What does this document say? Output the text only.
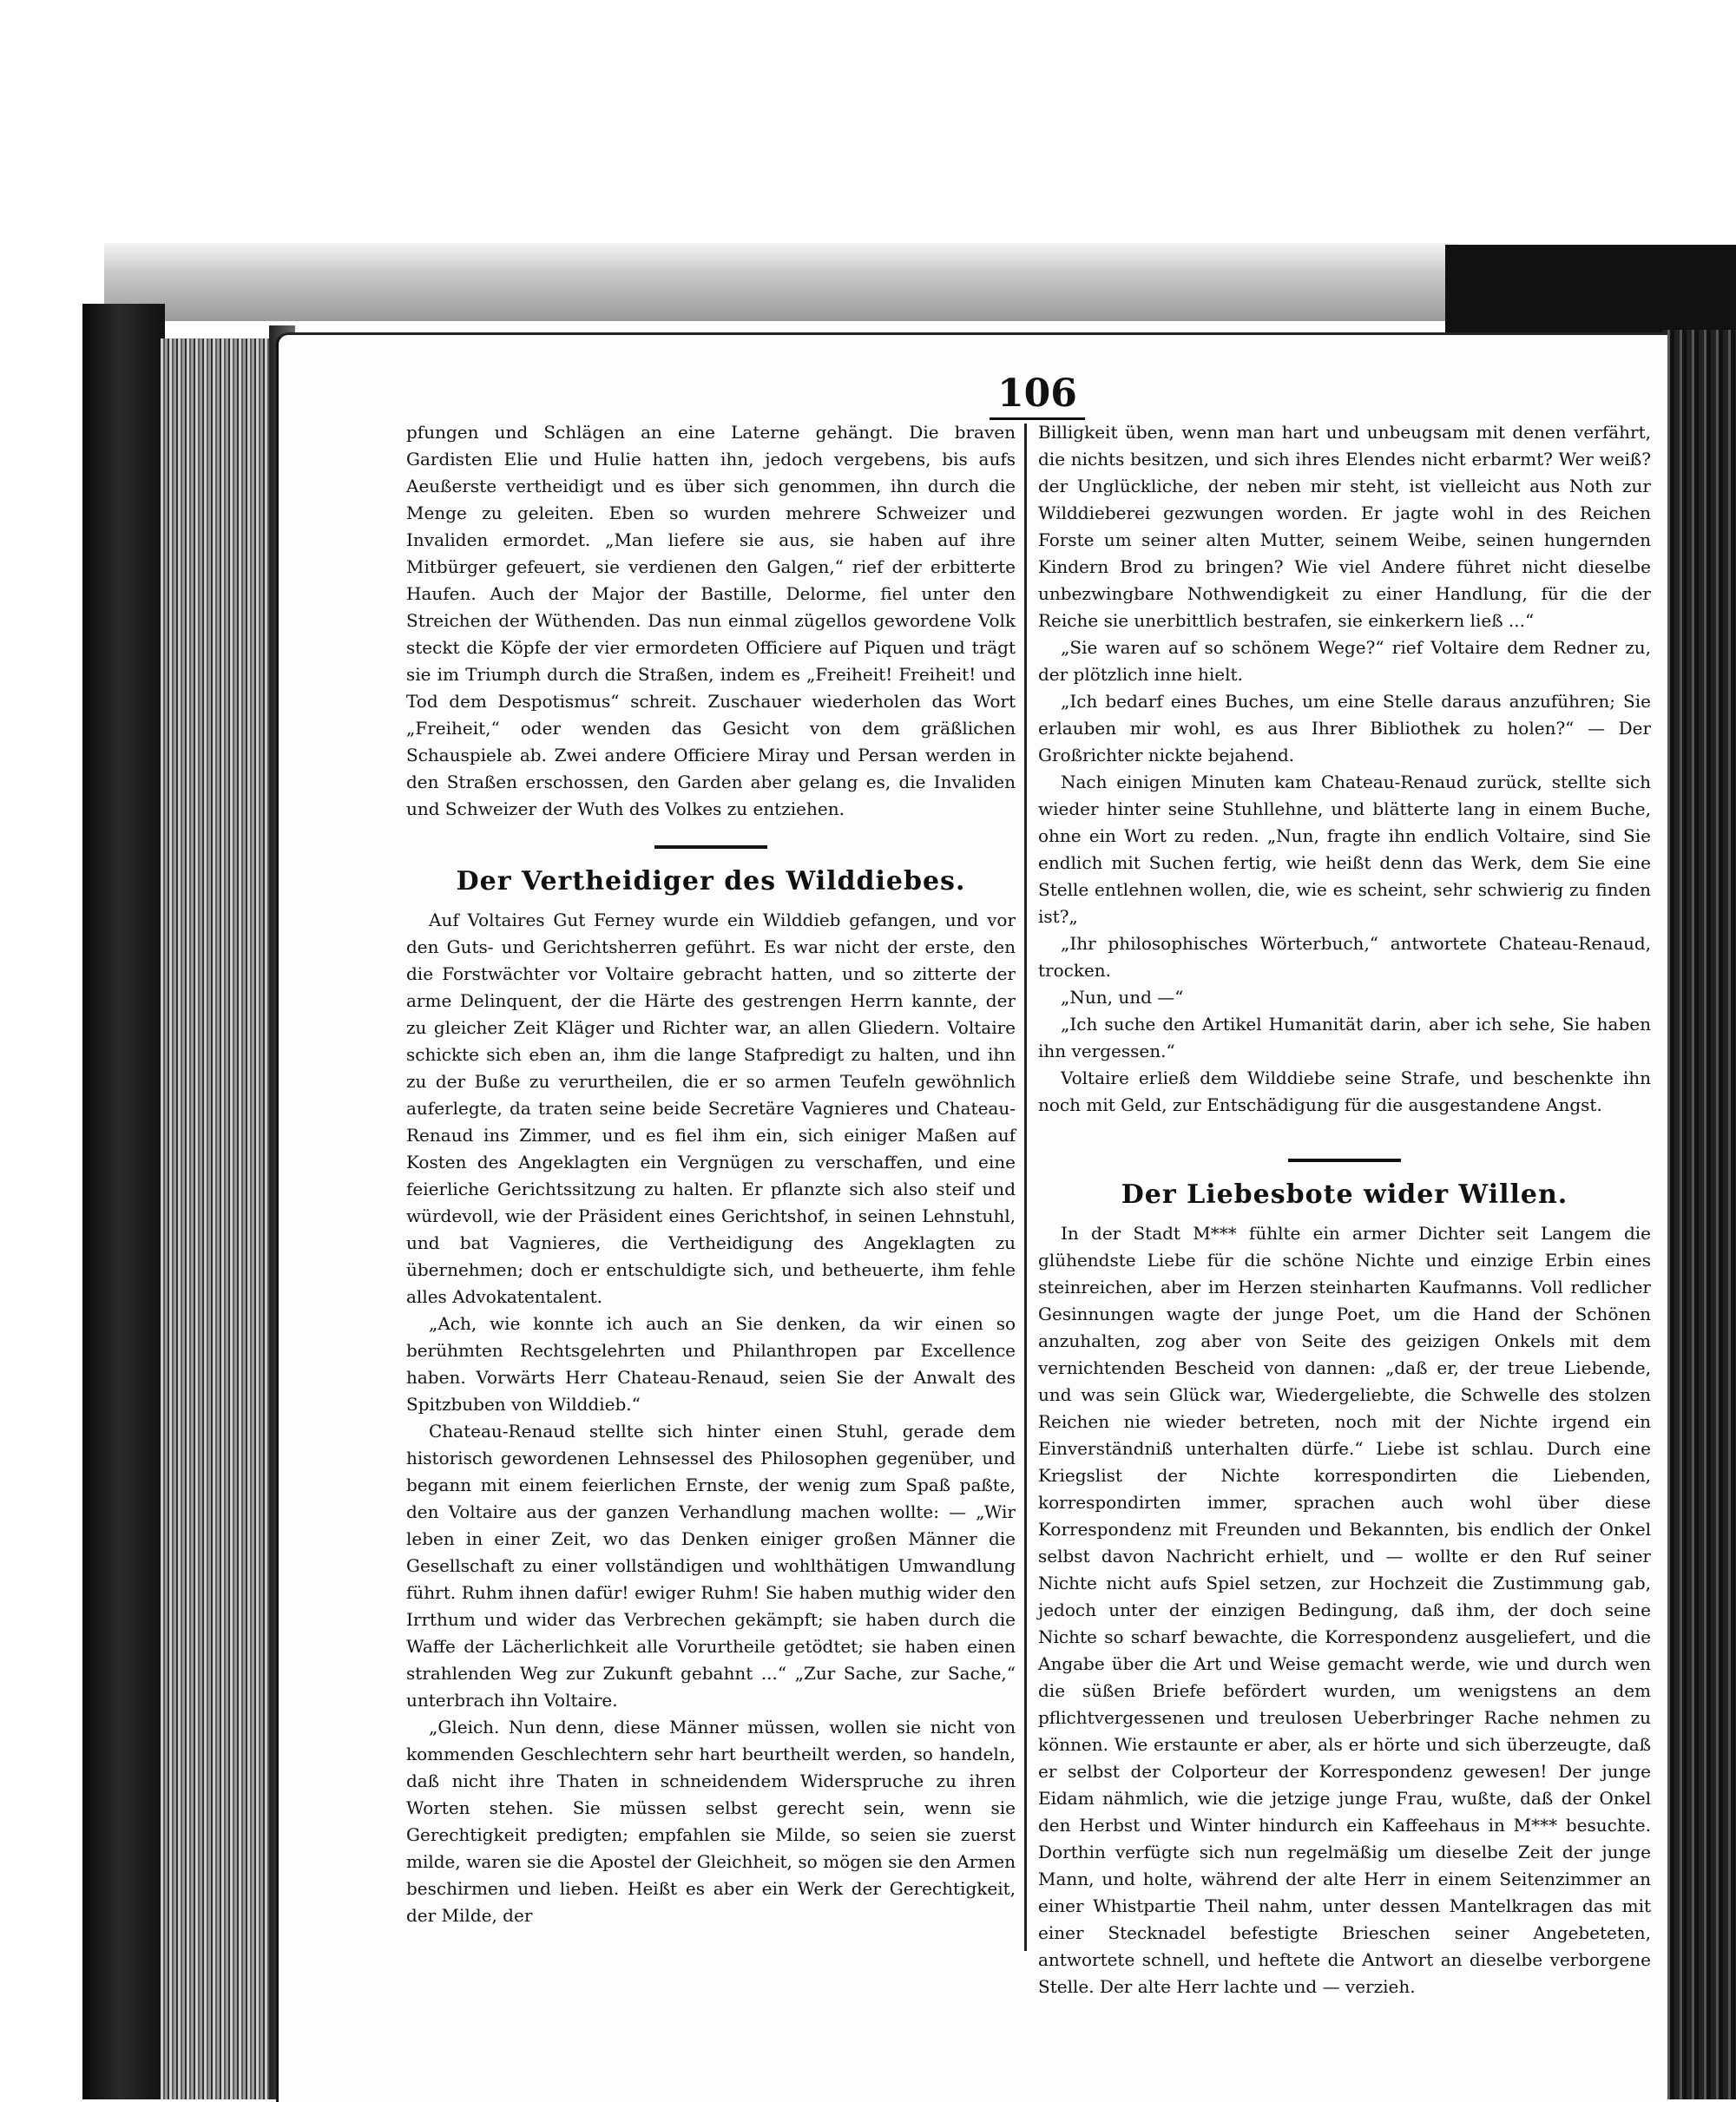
106

pfungen und Schlägen an eine Laterne gehängt. Die braven Gardisten Elie und Hulie hatten ihn, jedoch vergebens, bis aufs Aeußerste vertheidigt und es über sich genommen, ihn durch die Menge zu geleiten. Eben so wurden mehrere Schweizer und Invaliden ermordet. „Man liefere sie aus, sie haben auf ihre Mitbürger gefeuert, sie verdienen den Galgen,“ rief der erbitterte Haufen. Auch der Major der Bastille, Delorme, fiel unter den Streichen der Wüthenden. Das nun einmal zügellos gewordene Volk steckt die Köpfe der vier ermordeten Officiere auf Piquen und trägt sie im Triumph durch die Straßen, indem es „Freiheit! Freiheit! und Tod dem Despotismus“ schreit. Zuschauer wiederholen das Wort „Freiheit,“ oder wenden das Gesicht von dem gräßlichen Schauspiele ab. Zwei andere Officiere Miray und Persan werden in den Straßen erschossen, den Garden aber gelang es, die Invaliden und Schweizer der Wuth des Volkes zu entziehen.

Der Vertheidiger des Wilddiebes.

Auf Voltaires Gut Ferney wurde ein Wilddieb gefangen, und vor den Guts- und Gerichtsherren geführt. Es war nicht der erste, den die Forstwächter vor Voltaire gebracht hatten, und so zitterte der arme Delinquent, der die Härte des gestrengen Herrn kannte, der zu gleicher Zeit Kläger und Richter war, an allen Gliedern. Voltaire schickte sich eben an, ihm die lange Stafpredigt zu halten, und ihn zu der Buße zu verurtheilen, die er so armen Teufeln gewöhnlich auferlegte, da traten seine beide Secretäre Vagnieres und Chateau-Renaud ins Zimmer, und es fiel ihm ein, sich einiger Maßen auf Kosten des Angeklagten ein Vergnügen zu verschaffen, und eine feierliche Gerichtssitzung zu halten. Er pflanzte sich also steif und würdevoll, wie der Präsident eines Gerichtshof, in seinen Lehnstuhl, und bat Vagnieres, die Vertheidigung des Angeklagten zu übernehmen; doch er entschuldigte sich, und betheuerte, ihm fehle alles Advokatentalent.

„Ach, wie konnte ich auch an Sie denken, da wir einen so berühmten Rechtsgelehrten und Philanthropen par Excellence haben. Vorwärts Herr Chateau-Renaud, seien Sie der Anwalt des Spitzbuben von Wilddieb.“

Chateau-Renaud stellte sich hinter einen Stuhl, gerade dem historisch gewordenen Lehnsessel des Philosophen gegenüber, und begann mit einem feierlichen Ernste, der wenig zum Spaß paßte, den Voltaire aus der ganzen Verhandlung machen wollte: — „Wir leben in einer Zeit, wo das Denken einiger großen Männer die Gesellschaft zu einer vollständigen und wohlthätigen Umwandlung führt. Ruhm ihnen dafür! ewiger Ruhm! Sie haben muthig wider den Irrthum und wider das Verbrechen gekämpft; sie haben durch die Waffe der Lächerlichkeit alle Vorurtheile getödtet; sie haben einen strahlenden Weg zur Zukunft gebahnt ...“ „Zur Sache, zur Sache,“ unterbrach ihn Voltaire.

„Gleich. Nun denn, diese Männer müssen, wollen sie nicht von kommenden Geschlechtern sehr hart beurtheilt werden, so handeln, daß nicht ihre Thaten in schneidendem Widerspruche zu ihren Worten stehen. Sie müssen selbst gerecht sein, wenn sie Gerechtigkeit predigten; empfahlen sie Milde, so seien sie zuerst milde, waren sie die Apostel der Gleichheit, so mögen sie den Armen beschirmen und lieben. Heißt es aber ein Werk der Gerechtigkeit, der Milde, der

Billigkeit üben, wenn man hart und unbeugsam mit denen verfährt, die nichts besitzen, und sich ihres Elendes nicht erbarmt? Wer weiß? der Unglückliche, der neben mir steht, ist vielleicht aus Noth zur Wilddieberei gezwungen worden. Er jagte wohl in des Reichen Forste um seiner alten Mutter, seinem Weibe, seinen hungernden Kindern Brod zu bringen? Wie viel Andere führet nicht dieselbe unbezwingbare Nothwendigkeit zu einer Handlung, für die der Reiche sie unerbittlich bestrafen, sie einkerkern ließ ...“

„Sie waren auf so schönem Wege?“ rief Voltaire dem Redner zu, der plötzlich inne hielt.

„Ich bedarf eines Buches, um eine Stelle daraus anzuführen; Sie erlauben mir wohl, es aus Ihrer Bibliothek zu holen?“ — Der Großrichter nickte bejahend.

Nach einigen Minuten kam Chateau-Renaud zurück, stellte sich wieder hinter seine Stuhllehne, und blätterte lang in einem Buche, ohne ein Wort zu reden. „Nun, fragte ihn endlich Voltaire, sind Sie endlich mit Suchen fertig, wie heißt denn das Werk, dem Sie eine Stelle entlehnen wollen, die, wie es scheint, sehr schwierig zu finden ist?„

„Ihr philosophisches Wörterbuch,“ antwortete Chateau-Renaud, trocken.

„Nun, und —“

„Ich suche den Artikel Humanität darin, aber ich sehe, Sie haben ihn vergessen.“

Voltaire erließ dem Wilddiebe seine Strafe, und beschenkte ihn noch mit Geld, zur Entschädigung für die ausgestandene Angst.

Der Liebesbote wider Willen.

In der Stadt M*** fühlte ein armer Dichter seit Langem die glühendste Liebe für die schöne Nichte und einzige Erbin eines steinreichen, aber im Herzen steinharten Kaufmanns. Voll redlicher Gesinnungen wagte der junge Poet, um die Hand der Schönen anzuhalten, zog aber von Seite des geizigen Onkels mit dem vernichtenden Bescheid von dannen: „daß er, der treue Liebende, und was sein Glück war, Wiedergeliebte, die Schwelle des stolzen Reichen nie wieder betreten, noch mit der Nichte irgend ein Einverständniß unterhalten dürfe.“ Liebe ist schlau. Durch eine Kriegslist der Nichte korrespondirten die Liebenden, korrespondirten immer, sprachen auch wohl über diese Korrespondenz mit Freunden und Bekannten, bis endlich der Onkel selbst davon Nachricht erhielt, und — wollte er den Ruf seiner Nichte nicht aufs Spiel setzen, zur Hochzeit die Zustimmung gab, jedoch unter der einzigen Bedingung, daß ihm, der doch seine Nichte so scharf bewachte, die Korrespondenz ausgeliefert, und die Angabe über die Art und Weise gemacht werde, wie und durch wen die süßen Briefe befördert wurden, um wenigstens an dem pflichtvergessenen und treulosen Ueberbringer Rache nehmen zu können. Wie erstaunte er aber, als er hörte und sich überzeugte, daß er selbst der Colporteur der Korrespondenz gewesen! Der junge Eidam nähmlich, wie die jetzige junge Frau, wußte, daß der Onkel den Herbst und Winter hindurch ein Kaffeehaus in M*** besuchte. Dorthin verfügte sich nun regelmäßig um dieselbe Zeit der junge Mann, und holte, während der alte Herr in einem Seitenzimmer an einer Whistpartie Theil nahm, unter dessen Mantelkragen das mit einer Stecknadel befestigte Brieschen seiner Angebeteten, antwortete schnell, und heftete die Antwort an dieselbe verborgene Stelle. Der alte Herr lachte und — verzieh.
